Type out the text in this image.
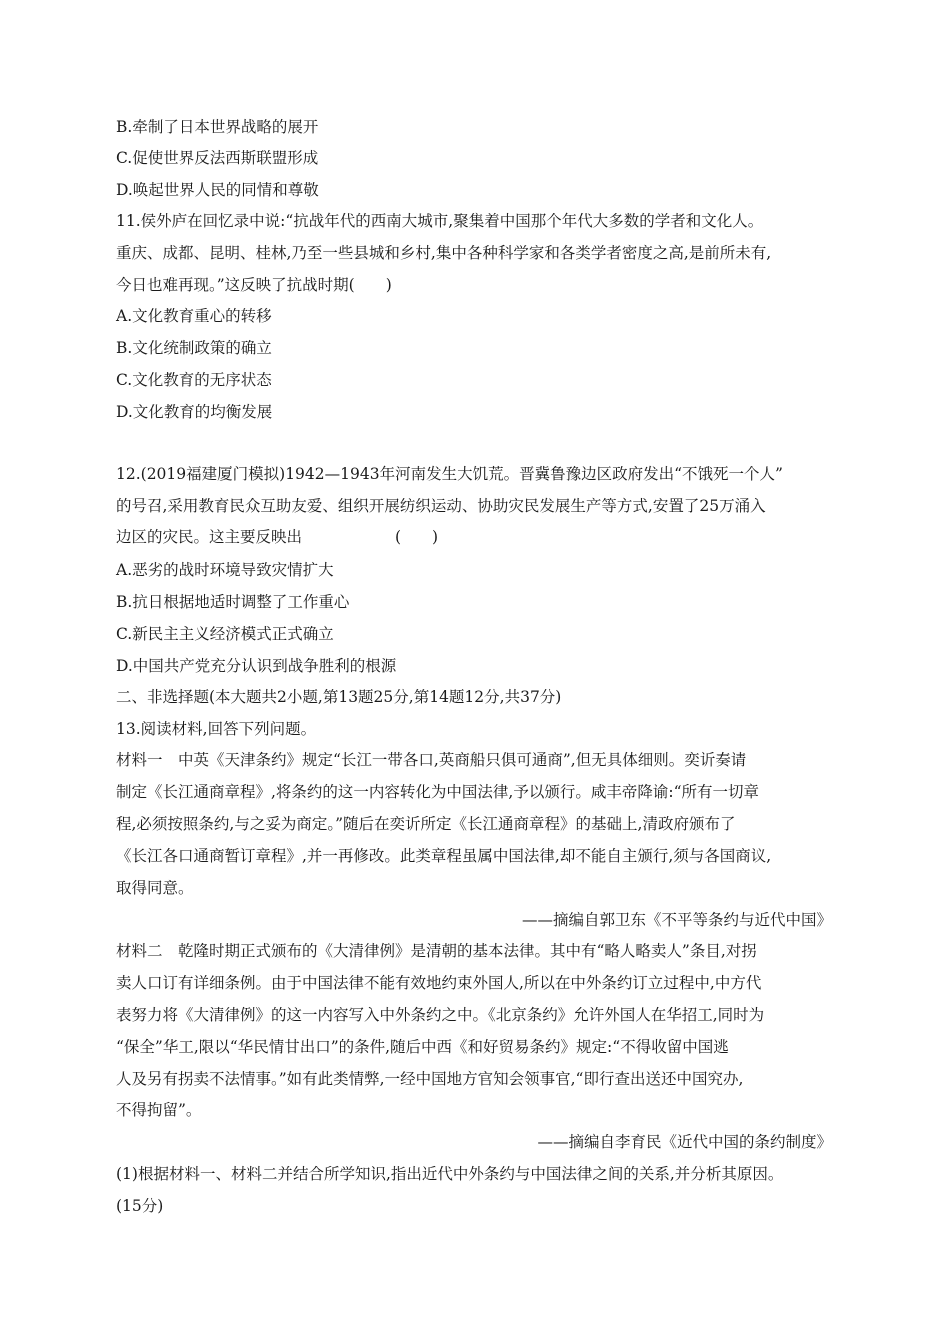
B.牵制了日本世界战略的展开
C.促使世界反法西斯联盟形成
D.唤起世界人民的同情和尊敬
11.侯外庐在回忆录中说:“抗战年代的西南大城市,聚集着中国那个年代大多数的学者和文化人。
重庆、成都、昆明、桂林,乃至一些县城和乡村,集中各种科学家和各类学者密度之高,是前所未有,
今日也难再现。”这反映了抗战时期(　　)
A.文化教育重心的转移
B.文化统制政策的确立
C.文化教育的无序状态
D.文化教育的均衡发展
12.(2019福建厦门模拟)1942—1943年河南发生大饥荒。晋冀鲁豫边区政府发出“不饿死一个人”
的号召,采用教育民众互助友爱、组织开展纺织运动、协助灾民发展生产等方式,安置了25万涌入
边区的灾民。这主要反映出　　　　　　(　　)
A.恶劣的战时环境导致灾情扩大
B.抗日根据地适时调整了工作重心
C.新民主主义经济模式正式确立
D.中国共产党充分认识到战争胜利的根源
二、非选择题(本大题共2小题,第13题25分,第14题12分,共37分)
13.阅读材料,回答下列问题。
材料一　中英《天津条约》规定“长江一带各口,英商船只俱可通商”,但无具体细则。奕䜣奏请
制定《长江通商章程》,将条约的这一内容转化为中国法律,予以颁行。咸丰帝降谕:“所有一切章
程,必须按照条约,与之妥为商定。”随后在奕䜣所定《长江通商章程》的基础上,清政府颁布了
《长江各口通商暂订章程》,并一再修改。此类章程虽属中国法律,却不能自主颁行,须与各国商议,
取得同意。
——摘编自郭卫东《不平等条约与近代中国》
材料二　乾隆时期正式颁布的《大清律例》是清朝的基本法律。其中有“略人略卖人”条目,对拐
卖人口订有详细条例。由于中国法律不能有效地约束外国人,所以在中外条约订立过程中,中方代
表努力将《大清律例》的这一内容写入中外条约之中。《北京条约》允许外国人在华招工,同时为
“保全”华工,限以“华民情甘出口”的条件,随后中西《和好贸易条约》规定:“不得收留中国逃
人及另有拐卖不法情事。”如有此类情弊,一经中国地方官知会领事官,“即行查出送还中国究办,
不得拘留”。
——摘编自李育民《近代中国的条约制度》
(1)根据材料一、材料二并结合所学知识,指出近代中外条约与中国法律之间的关系,并分析其原因。
(15分)
